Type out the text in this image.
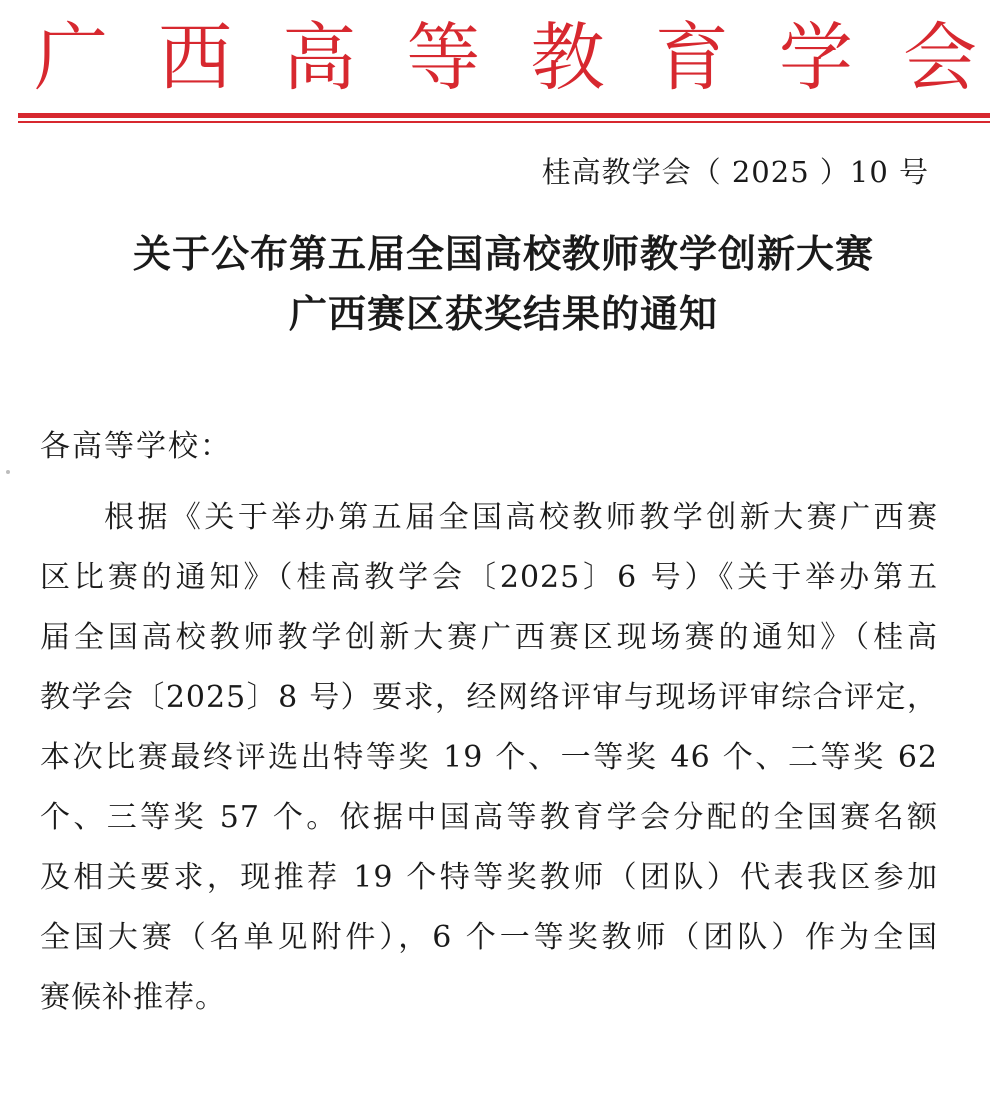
广 西 高 等 教 育 学 会
桂高教学会（ 2025 ）10 号
关于公布第五届全国高校教师教学创新大赛
广西赛区获奖结果的通知
各高等学校：
根据《关于举办第五届全国高校教师教学创新大赛广西赛
区比赛的通知》（桂高教学会〔2025〕6 号）《关于举办第五
届全国高校教师教学创新大赛广西赛区现场赛的通知》（桂高
教学会〔2025〕8 号）要求，经网络评审与现场评审综合评定，
本次比赛最终评选出特等奖 19 个、一等奖 46 个、二等奖 62
个、三等奖 57 个。依据中国高等教育学会分配的全国赛名额
及相关要求，现推荐 19 个特等奖教师（团队）代表我区参加
全国大赛（名单见附件），6 个一等奖教师（团队）作为全国
赛候补推荐。
